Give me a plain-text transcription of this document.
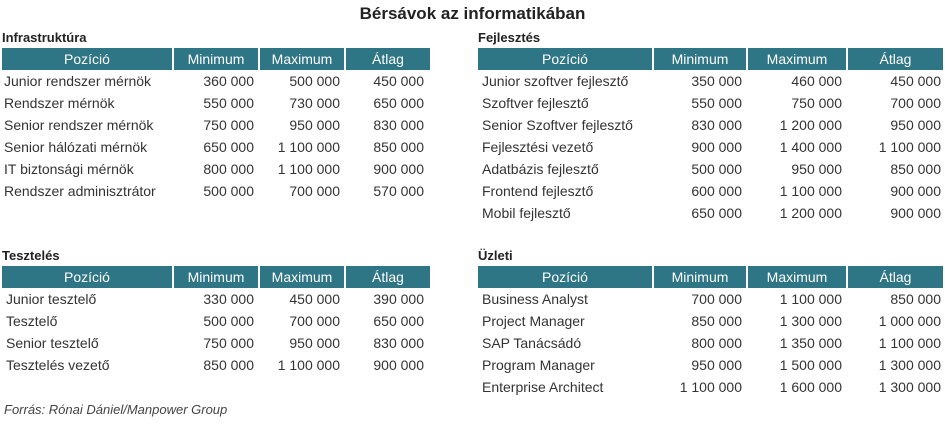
Bérsávok az informatikában
Infrastruktúra
Pozíció	Minimum	Maximum	Átlag
Junior rendszer mérnök	360 000	500 000	450 000
Rendszer mérnök	550 000	730 000	650 000
Senior rendszer mérnök	750 000	950 000	830 000
Senior hálózati mérnök	650 000	1 100 000	850 000
IT biztonsági mérnök	800 000	1 100 000	900 000
Rendszer adminisztrátor	500 000	700 000	570 000
Fejlesztés
Pozíció	Minimum	Maximum	Átlag
Junior szoftver fejlesztő	350 000	460 000	450 000
Szoftver fejlesztő	550 000	750 000	700 000
Senior Szoftver fejlesztő	830 000	1 200 000	950 000
Fejlesztési vezető	900 000	1 400 000	1 100 000
Adatbázis fejlesztő	500 000	950 000	850 000
Frontend fejlesztő	600 000	1 100 000	900 000
Mobil fejlesztő	650 000	1 200 000	900 000
Tesztelés
Pozíció	Minimum	Maximum	Átlag
Junior tesztelő	330 000	450 000	390 000
Tesztelő	500 000	700 000	650 000
Senior tesztelő	750 000	950 000	830 000
Tesztelés vezető	850 000	1 100 000	900 000
Üzleti
Pozíció	Minimum	Maximum	Átlag
Business Analyst	700 000	1 100 000	850 000
Project Manager	850 000	1 300 000	1 000 000
SAP Tanácsádó	800 000	1 350 000	1 100 000
Program Manager	950 000	1 500 000	1 300 000
Enterprise Architect	1 100 000	1 600 000	1 300 000
Forrás: Rónai Dániel/Manpower Group
